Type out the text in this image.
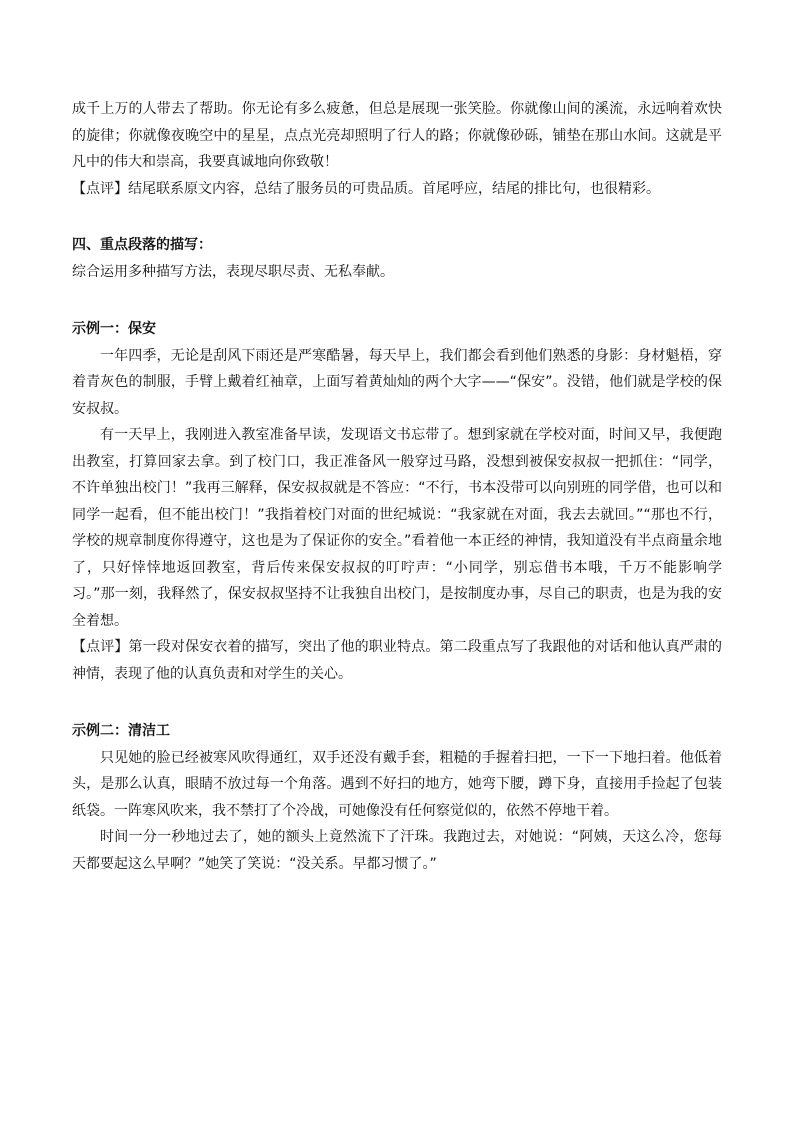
成千上万的人带去了帮助。你无论有多么疲惫，但总是展现一张笑脸。你就像山间的溪流，永远响着欢快的旋律；你就像夜晚空中的星星，点点光亮却照明了行人的路；你就像砂砾，铺垫在那山水间。这就是平凡中的伟大和崇高，我要真诚地向你致敬！

【点评】结尾联系原文内容，总结了服务员的可贵品质。首尾呼应，结尾的排比句，也很精彩。

四、重点段落的描写：

综合运用多种描写方法，表现尽职尽责、无私奉献。

示例一：保安

一年四季，无论是刮风下雨还是严寒酷暑，每天早上，我们都会看到他们熟悉的身影：身材魁梧，穿着青灰色的制服，手臂上戴着红袖章，上面写着黄灿灿的两个大字——“保安”。没错，他们就是学校的保安叔叔。

有一天早上，我刚进入教室准备早读，发现语文书忘带了。想到家就在学校对面，时间又早，我便跑出教室，打算回家去拿。到了校门口，我正准备风一般穿过马路，没想到被保安叔叔一把抓住：“同学，不许单独出校门！”我再三解释，保安叔叔就是不答应：“不行，书本没带可以向别班的同学借，也可以和同学一起看，但不能出校门！”我指着校门对面的世纪城说：“我家就在对面，我去去就回。”“那也不行，学校的规章制度你得遵守，这也是为了保证你的安全。”看着他一本正经的神情，我知道没有半点商量余地了，只好悻悻地返回教室，背后传来保安叔叔的叮咛声：“小同学，别忘借书本哦，千万不能影响学习。”那一刻，我释然了，保安叔叔坚持不让我独自出校门，是按制度办事，尽自己的职责，也是为我的安全着想。

【点评】第一段对保安衣着的描写，突出了他的职业特点。第二段重点写了我跟他的对话和他认真严肃的神情，表现了他的认真负责和对学生的关心。

示例二：清洁工

只见她的脸已经被寒风吹得通红，双手还没有戴手套，粗糙的手握着扫把，一下一下地扫着。他低着头，是那么认真，眼睛不放过每一个角落。遇到不好扫的地方，她弯下腰，蹲下身，直接用手捡起了包装纸袋。一阵寒风吹来，我不禁打了个冷战，可她像没有任何察觉似的，依然不停地干着。

时间一分一秒地过去了，她的额头上竟然流下了汗珠。我跑过去，对她说：“阿姨，天这么冷，您每天都要起这么早啊？”她笑了笑说：“没关系。早都习惯了。”
